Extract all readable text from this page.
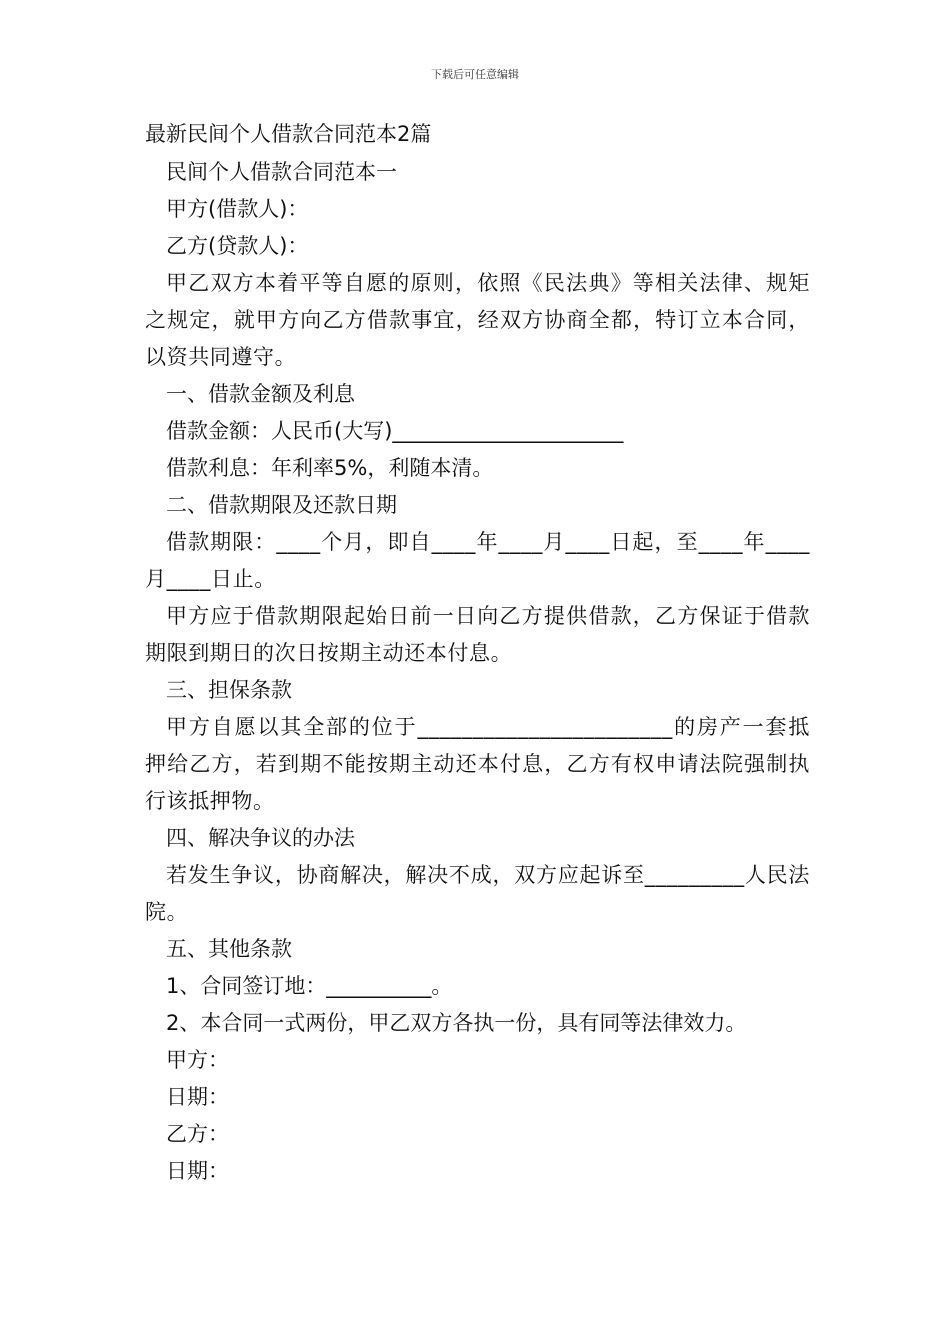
下载后可任意编辑

最新民间个人借款合同范本2篇

民间个人借款合同范本一

甲方(借款人)：

乙方(贷款人)：

甲乙双方本着平等自愿的原则，依照《民法典》等相关法律、规矩之规定，就甲方向乙方借款事宜，经双方协商全都，特订立本合同，以资共同遵守。

一、借款金额及利息

借款金额：人民币(大写)______________________

借款利息：年利率5%，利随本清。

二、借款期限及还款日期

借款期限：____个月，即自____年____月____日起，至____年____月____日止。

甲方应于借款期限起始日前一日向乙方提供借款，乙方保证于借款期限到期日的次日按期主动还本付息。

三、担保条款

甲方自愿以其全部的位于_______________________的房产一套抵押给乙方，若到期不能按期主动还本付息，乙方有权申请法院强制执行该抵押物。

四、解决争议的办法

若发生争议，协商解决，解决不成，双方应起诉至_________人民法院。

五、其他条款

1、合同签订地：__________。

2、本合同一式两份，甲乙双方各执一份，具有同等法律效力。

甲方：

日期：

乙方：

日期：
